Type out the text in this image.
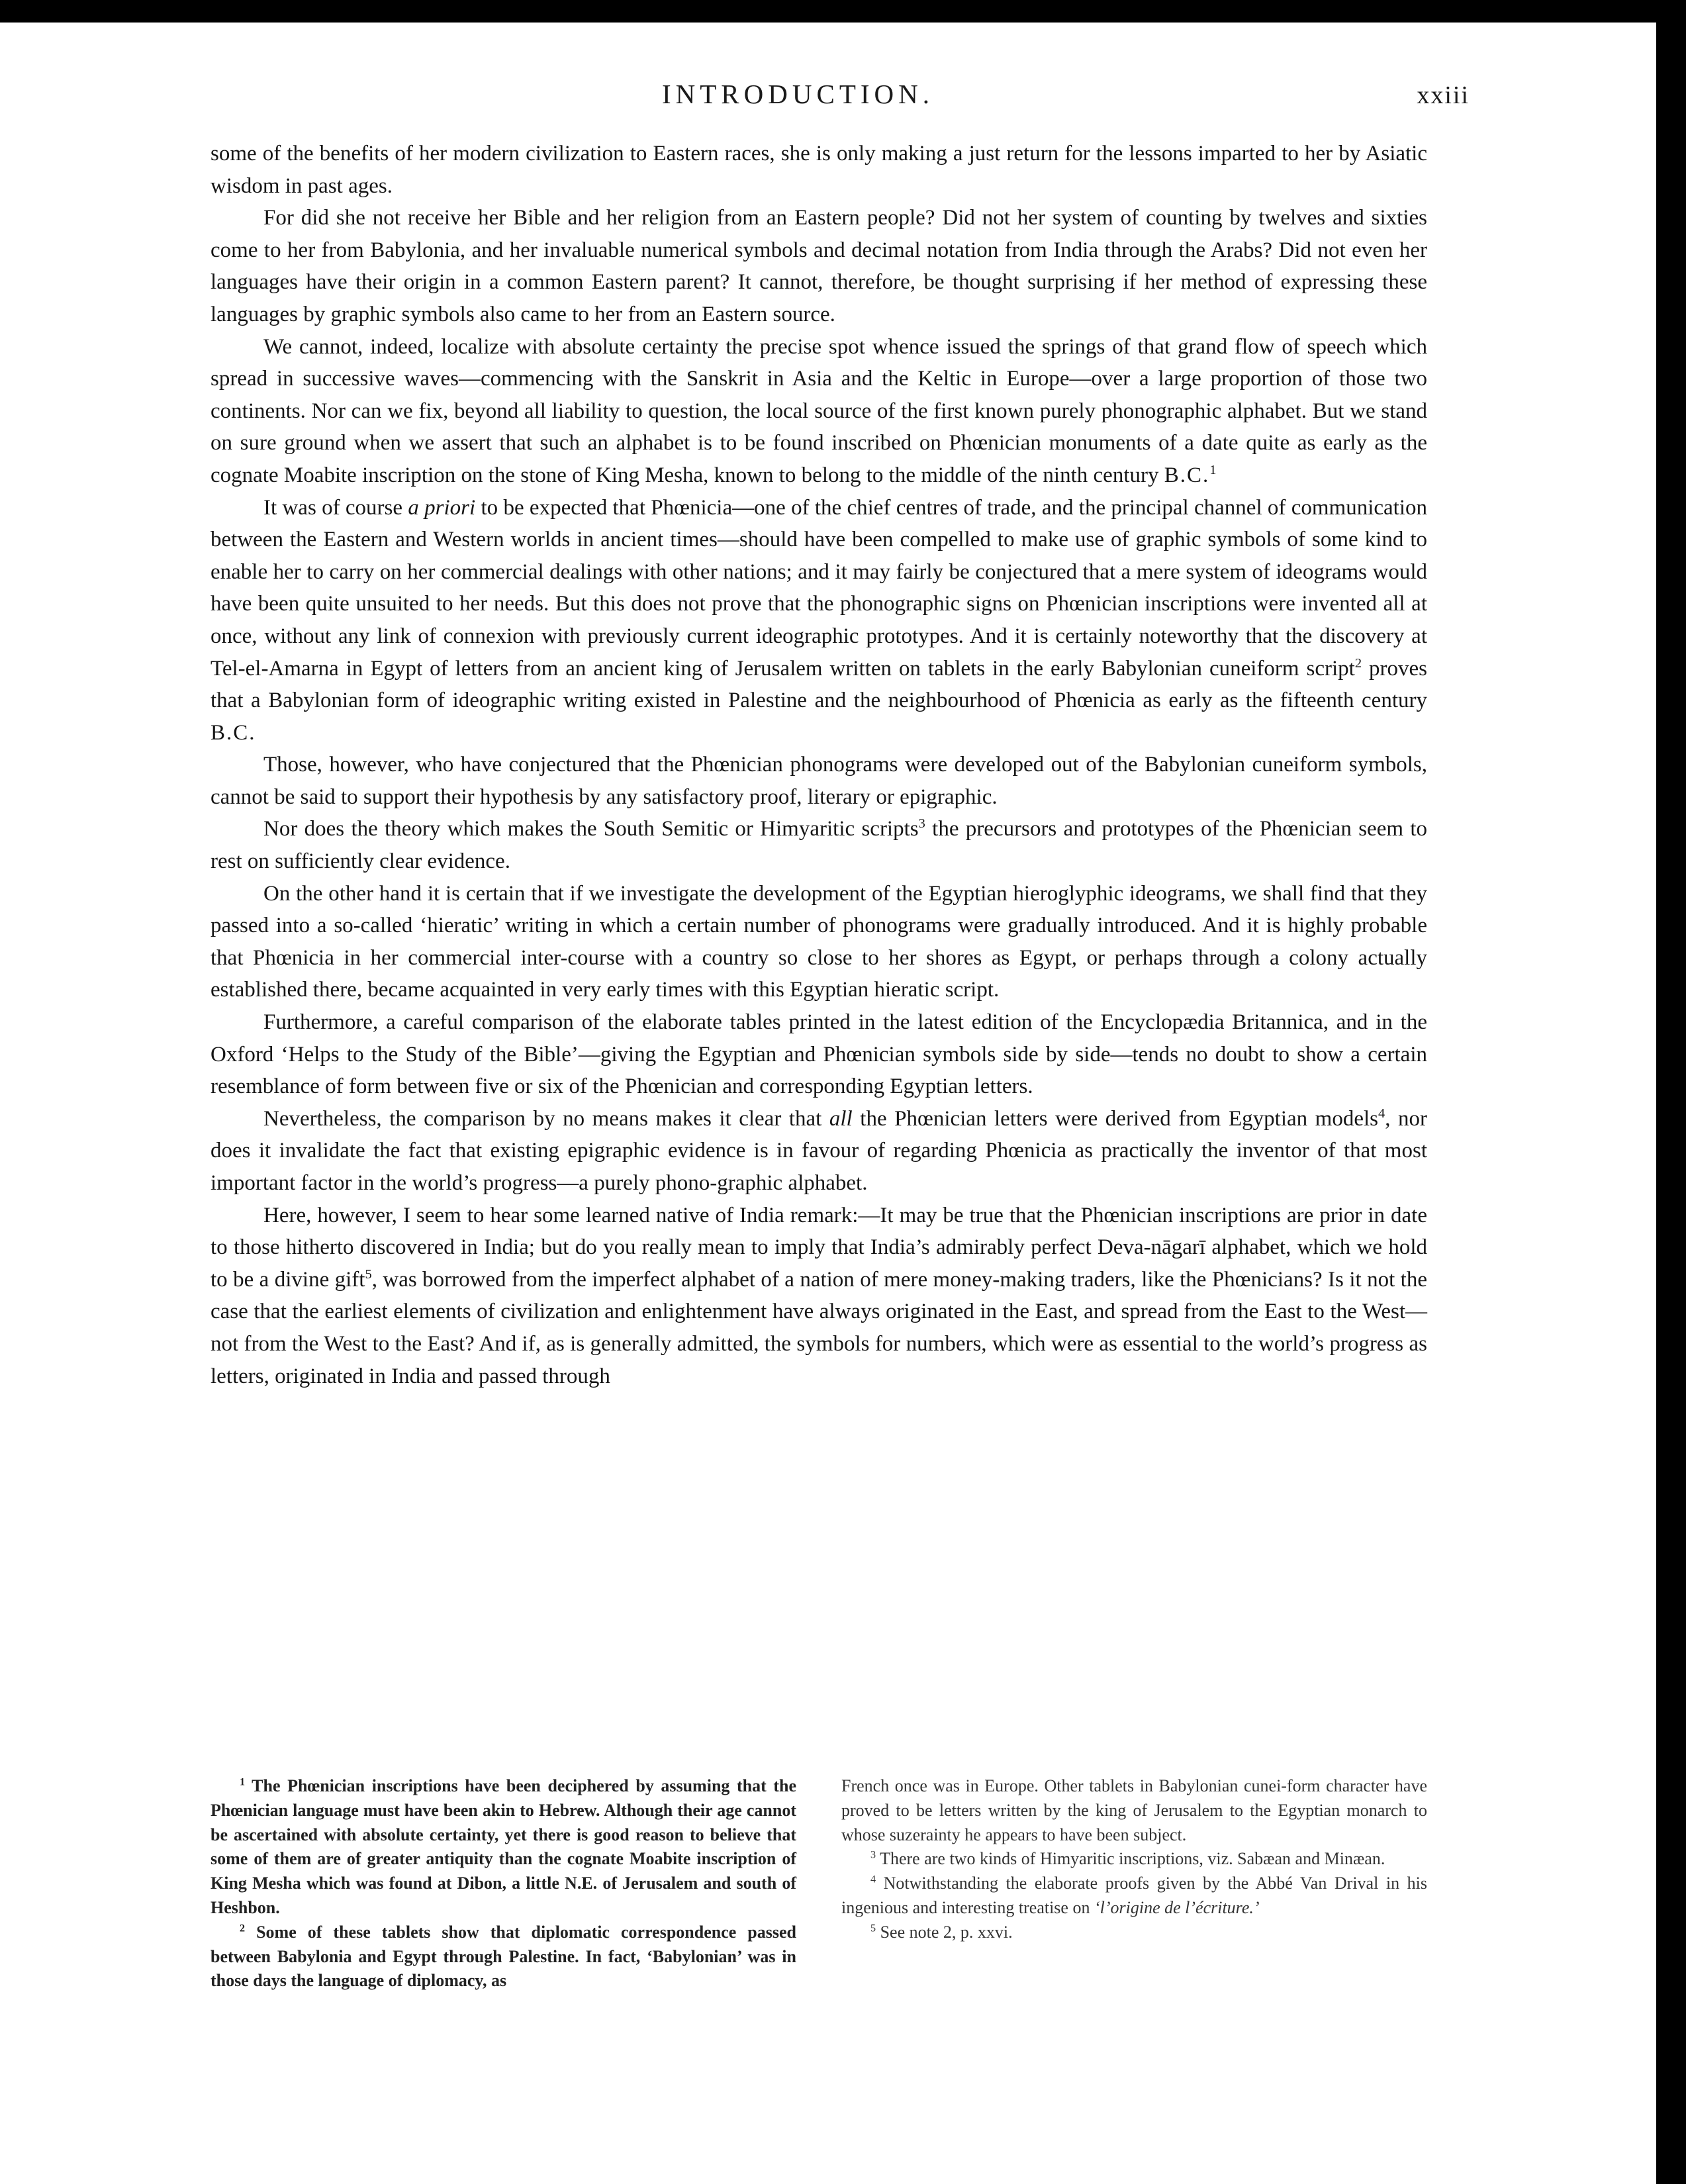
INTRODUCTION.	xxiii

some of the benefits of her modern civilization to Eastern races, she is only making a just return for the lessons imparted to her by Asiatic wisdom in past ages.

For did she not receive her Bible and her religion from an Eastern people? Did not her system of counting by twelves and sixties come to her from Babylonia, and her invaluable numerical symbols and decimal notation from India through the Arabs? Did not even her languages have their origin in a common Eastern parent? It cannot, therefore, be thought surprising if her method of expressing these languages by graphic symbols also came to her from an Eastern source.

We cannot, indeed, localize with absolute certainty the precise spot whence issued the springs of that grand flow of speech which spread in successive waves—commencing with the Sanskrit in Asia and the Keltic in Europe—over a large proportion of those two continents. Nor can we fix, beyond all liability to question, the local source of the first known purely phonographic alphabet. But we stand on sure ground when we assert that such an alphabet is to be found inscribed on Phœnician monuments of a date quite as early as the cognate Moabite inscription on the stone of King Mesha, known to belong to the middle of the ninth century B.C.$^1$

It was of course a priori to be expected that Phœnicia—one of the chief centres of trade, and the principal channel of communication between the Eastern and Western worlds in ancient times—should have been compelled to make use of graphic symbols of some kind to enable her to carry on her commercial dealings with other nations; and it may fairly be conjectured that a mere system of ideograms would have been quite unsuited to her needs. But this does not prove that the phonographic signs on Phœnician inscriptions were invented all at once, without any link of connexion with previously current ideographic prototypes. And it is certainly noteworthy that the discovery at Tel-el-Amarna in Egypt of letters from an ancient king of Jerusalem written on tablets in the early Babylonian cuneiform script$^2$ proves that a Babylonian form of ideographic writing existed in Palestine and the neighbourhood of Phœnicia as early as the fifteenth century B.C.

Those, however, who have conjectured that the Phœnician phonograms were developed out of the Babylonian cuneiform symbols, cannot be said to support their hypothesis by any satisfactory proof, literary or epigraphic.

Nor does the theory which makes the South Semitic or Himyaritic scripts$^3$ the precursors and prototypes of the Phœnician seem to rest on sufficiently clear evidence.

On the other hand it is certain that if we investigate the development of the Egyptian hieroglyphic ideograms, we shall find that they passed into a so-called ‘hieratic’ writing in which a certain number of phonograms were gradually introduced. And it is highly probable that Phœnicia in her commercial inter-course with a country so close to her shores as Egypt, or perhaps through a colony actually established there, became acquainted in very early times with this Egyptian hieratic script.

Furthermore, a careful comparison of the elaborate tables printed in the latest edition of the Encyclopædia Britannica, and in the Oxford ‘Helps to the Study of the Bible’—giving the Egyptian and Phœnician symbols side by side—tends no doubt to show a certain resemblance of form between five or six of the Phœnician and corresponding Egyptian letters.

Nevertheless, the comparison by no means makes it clear that all the Phœnician letters were derived from Egyptian models$^4$, nor does it invalidate the fact that existing epigraphic evidence is in favour of regarding Phœnicia as practically the inventor of that most important factor in the world’s progress—a purely phono-graphic alphabet.

Here, however, I seem to hear some learned native of India remark:—It may be true that the Phœnician inscriptions are prior in date to those hitherto discovered in India; but do you really mean to imply that India’s admirably perfect Deva-nāgarī alphabet, which we hold to be a divine gift$^5$, was borrowed from the imperfect alphabet of a nation of mere money-making traders, like the Phœnicians? Is it not the case that the earliest elements of civilization and enlightenment have always originated in the East, and spread from the East to the West—not from the West to the East? And if, as is generally admitted, the symbols for numbers, which were as essential to the world’s progress as letters, originated in India and passed through

$^1$ The Phœnician inscriptions have been deciphered by assuming that the Phœnician language must have been akin to Hebrew. Although their age cannot be ascertained with absolute certainty, yet there is good reason to believe that some of them are of greater antiquity than the cognate Moabite inscription of King Mesha which was found at Dibon, a little N.E. of Jerusalem and south of Heshbon.

$^2$ Some of these tablets show that diplomatic correspondence passed between Babylonia and Egypt through Palestine. In fact, ‘Babylonian’ was in those days the language of diplomacy, as

French once was in Europe. Other tablets in Babylonian cunei-form character have proved to be letters written by the king of Jerusalem to the Egyptian monarch to whose suzerainty he appears to have been subject.

$^3$ There are two kinds of Himyaritic inscriptions, viz. Sabæan and Minæan.

$^4$ Notwithstanding the elaborate proofs given by the Abbé Van Drival in his ingenious and interesting treatise on ‘l’origine de l’écriture.’

$^5$ See note 2, p. xxvi.
